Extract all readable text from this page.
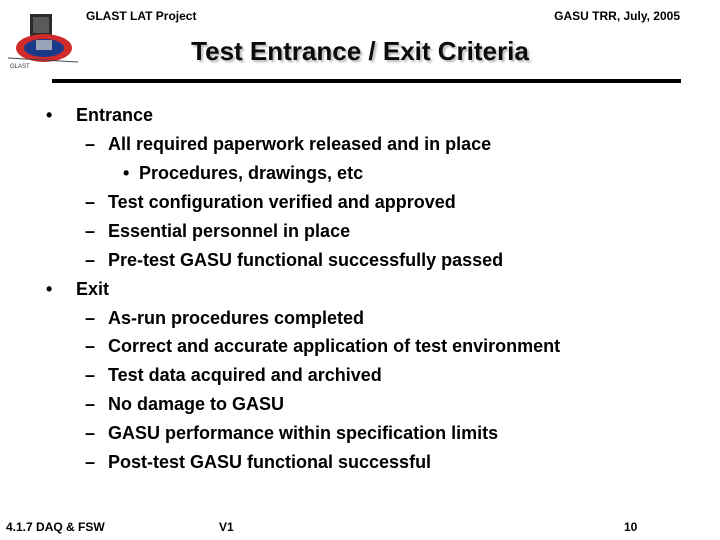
GLAST LAT Project	GASU TRR, July, 2005
GLAST
Test Entrance / Exit Criteria
• Entrance
– All required paperwork released and in place
• Procedures, drawings, etc
– Test configuration verified and approved
– Essential personnel in place
– Pre-test GASU functional successfully passed
• Exit
– As-run procedures completed
– Correct and accurate application of test environment
– Test data acquired and archived
– No damage to GASU
– GASU performance within specification limits
– Post-test GASU functional successful
4.1.7 DAQ & FSW	V1	10
